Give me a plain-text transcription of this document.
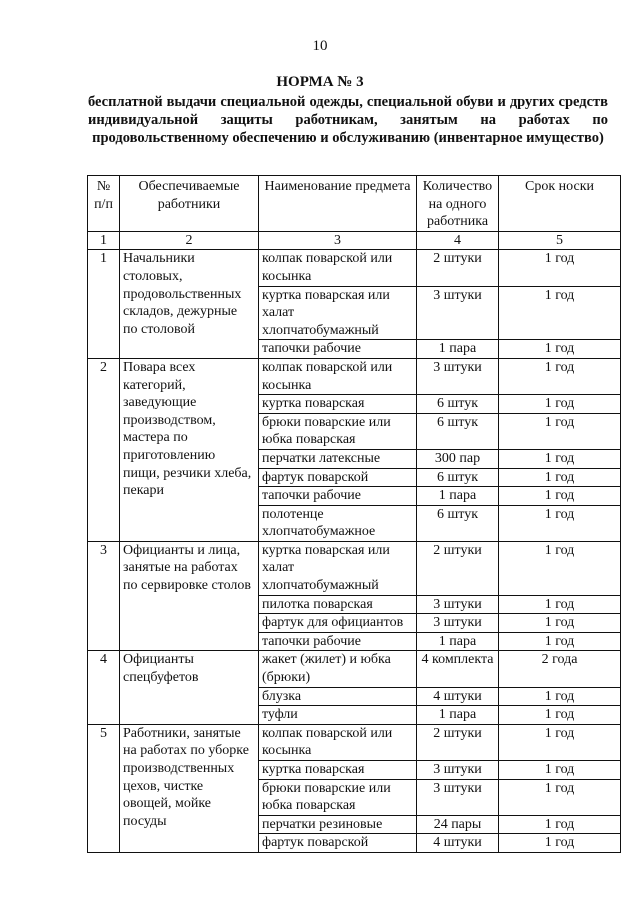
10
НОРМА № 3
бесплатной выдачи специальной одежды, специальной обуви и других средств индивидуальной защиты работникам, занятым на работах по продовольственному обеспечению и обслуживанию (инвентарное имущество)
№ п/п	Обеспечиваемые работники	Наименование предмета	Количество на одного работника	Срок носки
1	2	3	4	5
1	Начальники столовых, продовольственных складов, дежурные по столовой	колпак поварской или косынка	2 штуки	1 год
		куртка поварская или халат хлопчатобумажный	3 штуки	1 год
		тапочки рабочие	1 пара	1 год
2	Повара всех категорий, заведующие производством, мастера по приготовлению пищи, резчики хлеба, пекари	колпак поварской или косынка	3 штуки	1 год
		куртка поварская	6 штук	1 год
		брюки поварские или юбка поварская	6 штук	1 год
		перчатки латексные	300 пар	1 год
		фартук поварской	6 штук	1 год
		тапочки рабочие	1 пара	1 год
		полотенце хлопчатобумажное	6 штук	1 год
3	Официанты и лица, занятые на работах по сервировке столов	куртка поварская или халат хлопчатобумажный	2 штуки	1 год
		пилотка поварская	3 штуки	1 год
		фартук для официантов	3 штуки	1 год
		тапочки рабочие	1 пара	1 год
4	Официанты спецбуфетов	жакет (жилет) и юбка (брюки)	4 комплекта	2 года
		блузка	4 штуки	1 год
		туфли	1 пара	1 год
5	Работники, занятые на работах по уборке производственных цехов, чистке овощей, мойке посуды	колпак поварской или косынка	2 штуки	1 год
		куртка поварская	3 штуки	1 год
		брюки поварские или юбка поварская	3 штуки	1 год
		перчатки резиновые	24 пары	1 год
		фартук поварской	4 штуки	1 год
